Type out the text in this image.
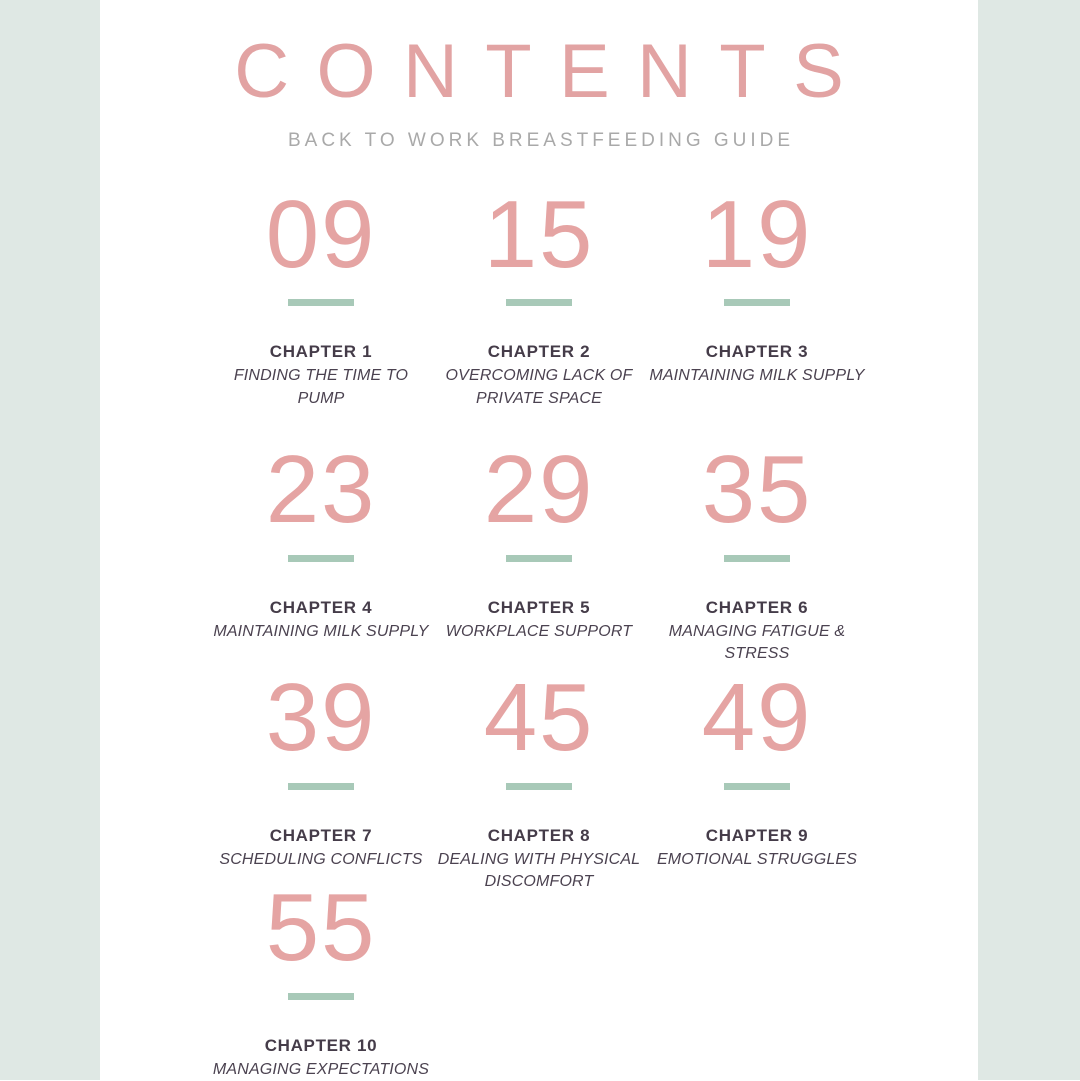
CONTENTS
BACK TO WORK BREASTFEEDING GUIDE
09
CHAPTER 1
FINDING THE TIME TO PUMP
15
CHAPTER 2
OVERCOMING LACK OF PRIVATE SPACE
19
CHAPTER 3
MAINTAINING MILK SUPPLY
23
CHAPTER 4
MAINTAINING MILK SUPPLY
29
CHAPTER 5
WORKPLACE SUPPORT
35
CHAPTER 6
MANAGING FATIGUE & STRESS
39
CHAPTER 7
SCHEDULING CONFLICTS
45
CHAPTER 8
DEALING WITH PHYSICAL DISCOMFORT
49
CHAPTER 9
EMOTIONAL STRUGGLES
55
CHAPTER 10
MANAGING EXPECTATIONS
